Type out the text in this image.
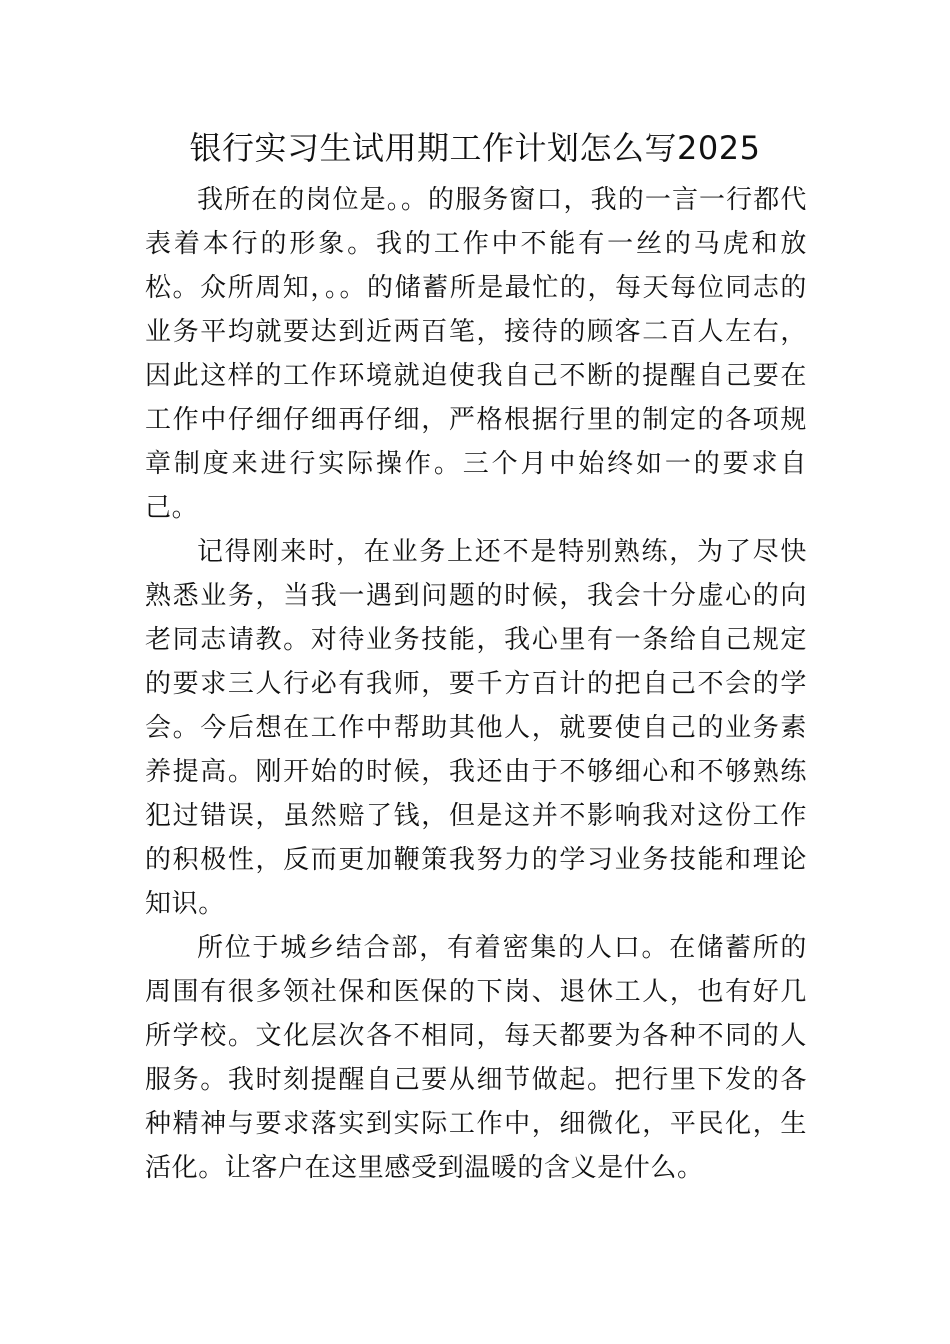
银行实习生试用期工作计划怎么写2025

我所在的岗位是。。的服务窗口，我的一言一行都代表着本行的形象。我的工作中不能有一丝的马虎和放松。众所周知，。。的储蓄所是最忙的，每天每位同志的业务平均就要达到近两百笔，接待的顾客二百人左右，因此这样的工作环境就迫使我自己不断的提醒自己要在工作中仔细仔细再仔细，严格根据行里的制定的各项规章制度来进行实际操作。三个月中始终如一的要求自己。

记得刚来时，在业务上还不是特别熟练，为了尽快熟悉业务，当我一遇到问题的时候，我会十分虚心的向老同志请教。对待业务技能，我心里有一条给自己规定的要求三人行必有我师，要千方百计的把自己不会的学会。今后想在工作中帮助其他人，就要使自己的业务素养提高。刚开始的时候，我还由于不够细心和不够熟练犯过错误，虽然赔了钱，但是这并不影响我对这份工作的积极性，反而更加鞭策我努力的学习业务技能和理论知识。

所位于城乡结合部，有着密集的人口。在储蓄所的周围有很多领社保和医保的下岗、退休工人，也有好几所学校。文化层次各不相同，每天都要为各种不同的人服务。我时刻提醒自己要从细节做起。把行里下发的各种精神与要求落实到实际工作中，细微化，平民化，生活化。让客户在这里感受到温暖的含义是什么。
